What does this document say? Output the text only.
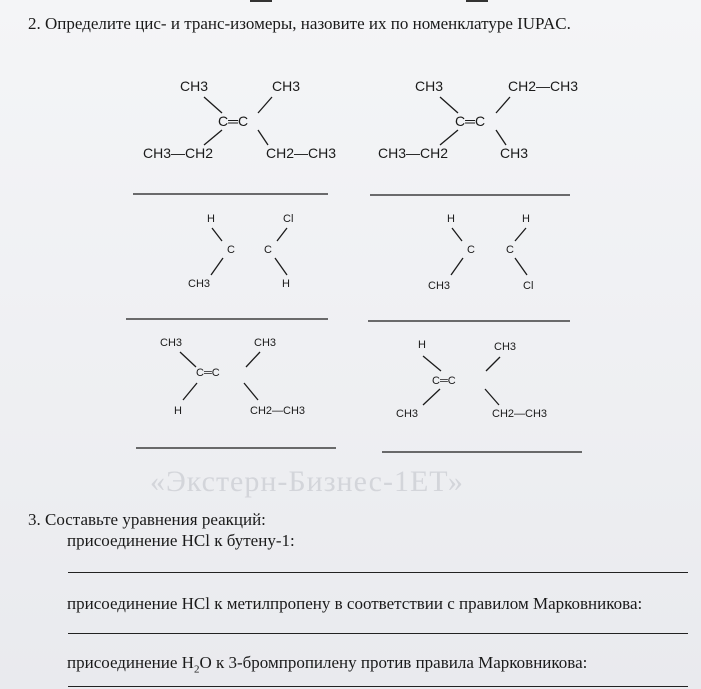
2. Определите цис- и транс-изомеры, назовите их по номенклатуре IUPAC.
«Экстерн-Бизнес-1ЕТ»
CH3	CH3
C═C
CH3—CH2	CH2—CH3
CH3	CH2—CH3
C═C
CH3—CH2	CH3
H	Cl
C	C
CH3	H
H	H
C	C
CH3	Cl
CH3	CH3
C═C
H	CH2—CH3
H	CH3
C═C
CH3	CH2—CH3
3. Составьте уравнения реакций:
присоединение HCl к бутену-1:
присоединение HCl к метилпропену в соответствии с правилом Марковникова:
присоединение $H_2O$ к 3-бромпропилену против правила Марковникова:
